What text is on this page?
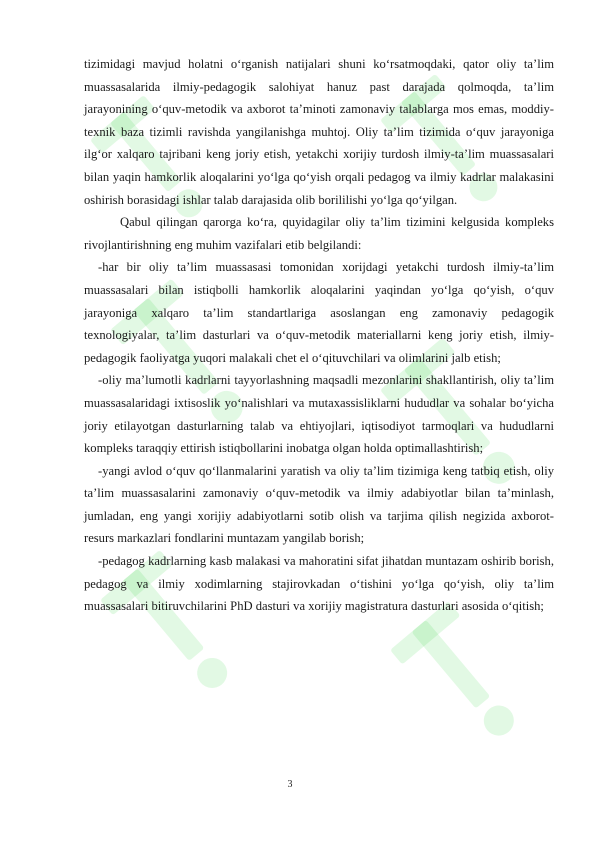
tizimidagi mavjud holatni o‘rganish natijalari shuni ko‘rsatmoqdaki, qator oliy ta’lim muassasalarida ilmiy-pedagogik salohiyat hanuz past darajada qolmoqda, ta’lim jarayonining o‘quv-metodik va axborot ta’minoti zamonaviy talablarga mos emas, moddiy-texnik baza tizimli ravishda yangilanishga muhtoj. Oliy ta’lim tizimida o‘quv jarayoniga ilg‘or xalqaro tajribani keng joriy etish, yetakchi xorijiy turdosh ilmiy-ta’lim muassasalari bilan yaqin hamkorlik aloqalarini yo‘lga qo‘yish orqali pedagog va ilmiy kadrlar malakasini oshirish borasidagi ishlar talab darajasida olib borililishi yo‘lga qo‘yilgan.

Qabul qilingan qarorga ko‘ra, quyidagilar oliy ta’lim tizimini kelgusida kompleks rivojlantirishning eng muhim vazifalari etib belgilandi:

-har bir oliy ta’lim muassasasi tomonidan xorijdagi yetakchi turdosh ilmiy-ta’lim muassasalari bilan istiqbolli hamkorlik aloqalarini yaqindan yo‘lga qo‘yish, o‘quv jarayoniga xalqaro ta’lim standartlariga asoslangan eng zamonaviy pedagogik texnologiyalar, ta’lim dasturlari va o‘quv-metodik materiallarni keng joriy etish, ilmiy-pedagogik faoliyatga yuqori malakali chet el o‘qituvchilari va olimlarini jalb etish;

-oliy ma’lumotli kadrlarni tayyorlashning maqsadli mezonlarini shakllantirish, oliy ta’lim muassasalaridagi ixtisoslik yo‘nalishlari va mutaxassisliklarni hududlar va sohalar bo‘yicha joriy etilayotgan dasturlarning talab va ehtiyojlari, iqtisodiyot tarmoqlari va hududlarni kompleks taraqqiy ettirish istiqbollarini inobatga olgan holda optimallashtirish;

-yangi avlod o‘quv qo‘llanmalarini yaratish va oliy ta’lim tizimiga keng tatbiq etish, oliy ta’lim muassasalarini zamonaviy o‘quv-metodik va ilmiy adabiyotlar bilan ta’minlash, jumladan, eng yangi xorijiy adabiyotlarni sotib olish va tarjima qilish negizida axborot-resurs markazlari fondlarini muntazam yangilab borish;

-pedagog kadrlarning kasb malakasi va mahoratini sifat jihatdan muntazam oshirib borish, pedagog va ilmiy xodimlarning stajirovkadan o‘tishini yo‘lga qo‘yish, oliy ta’lim muassasalari bitiruvchilarini PhD dasturi va xorijiy magistratura dasturlari asosida o‘qitish;

3
